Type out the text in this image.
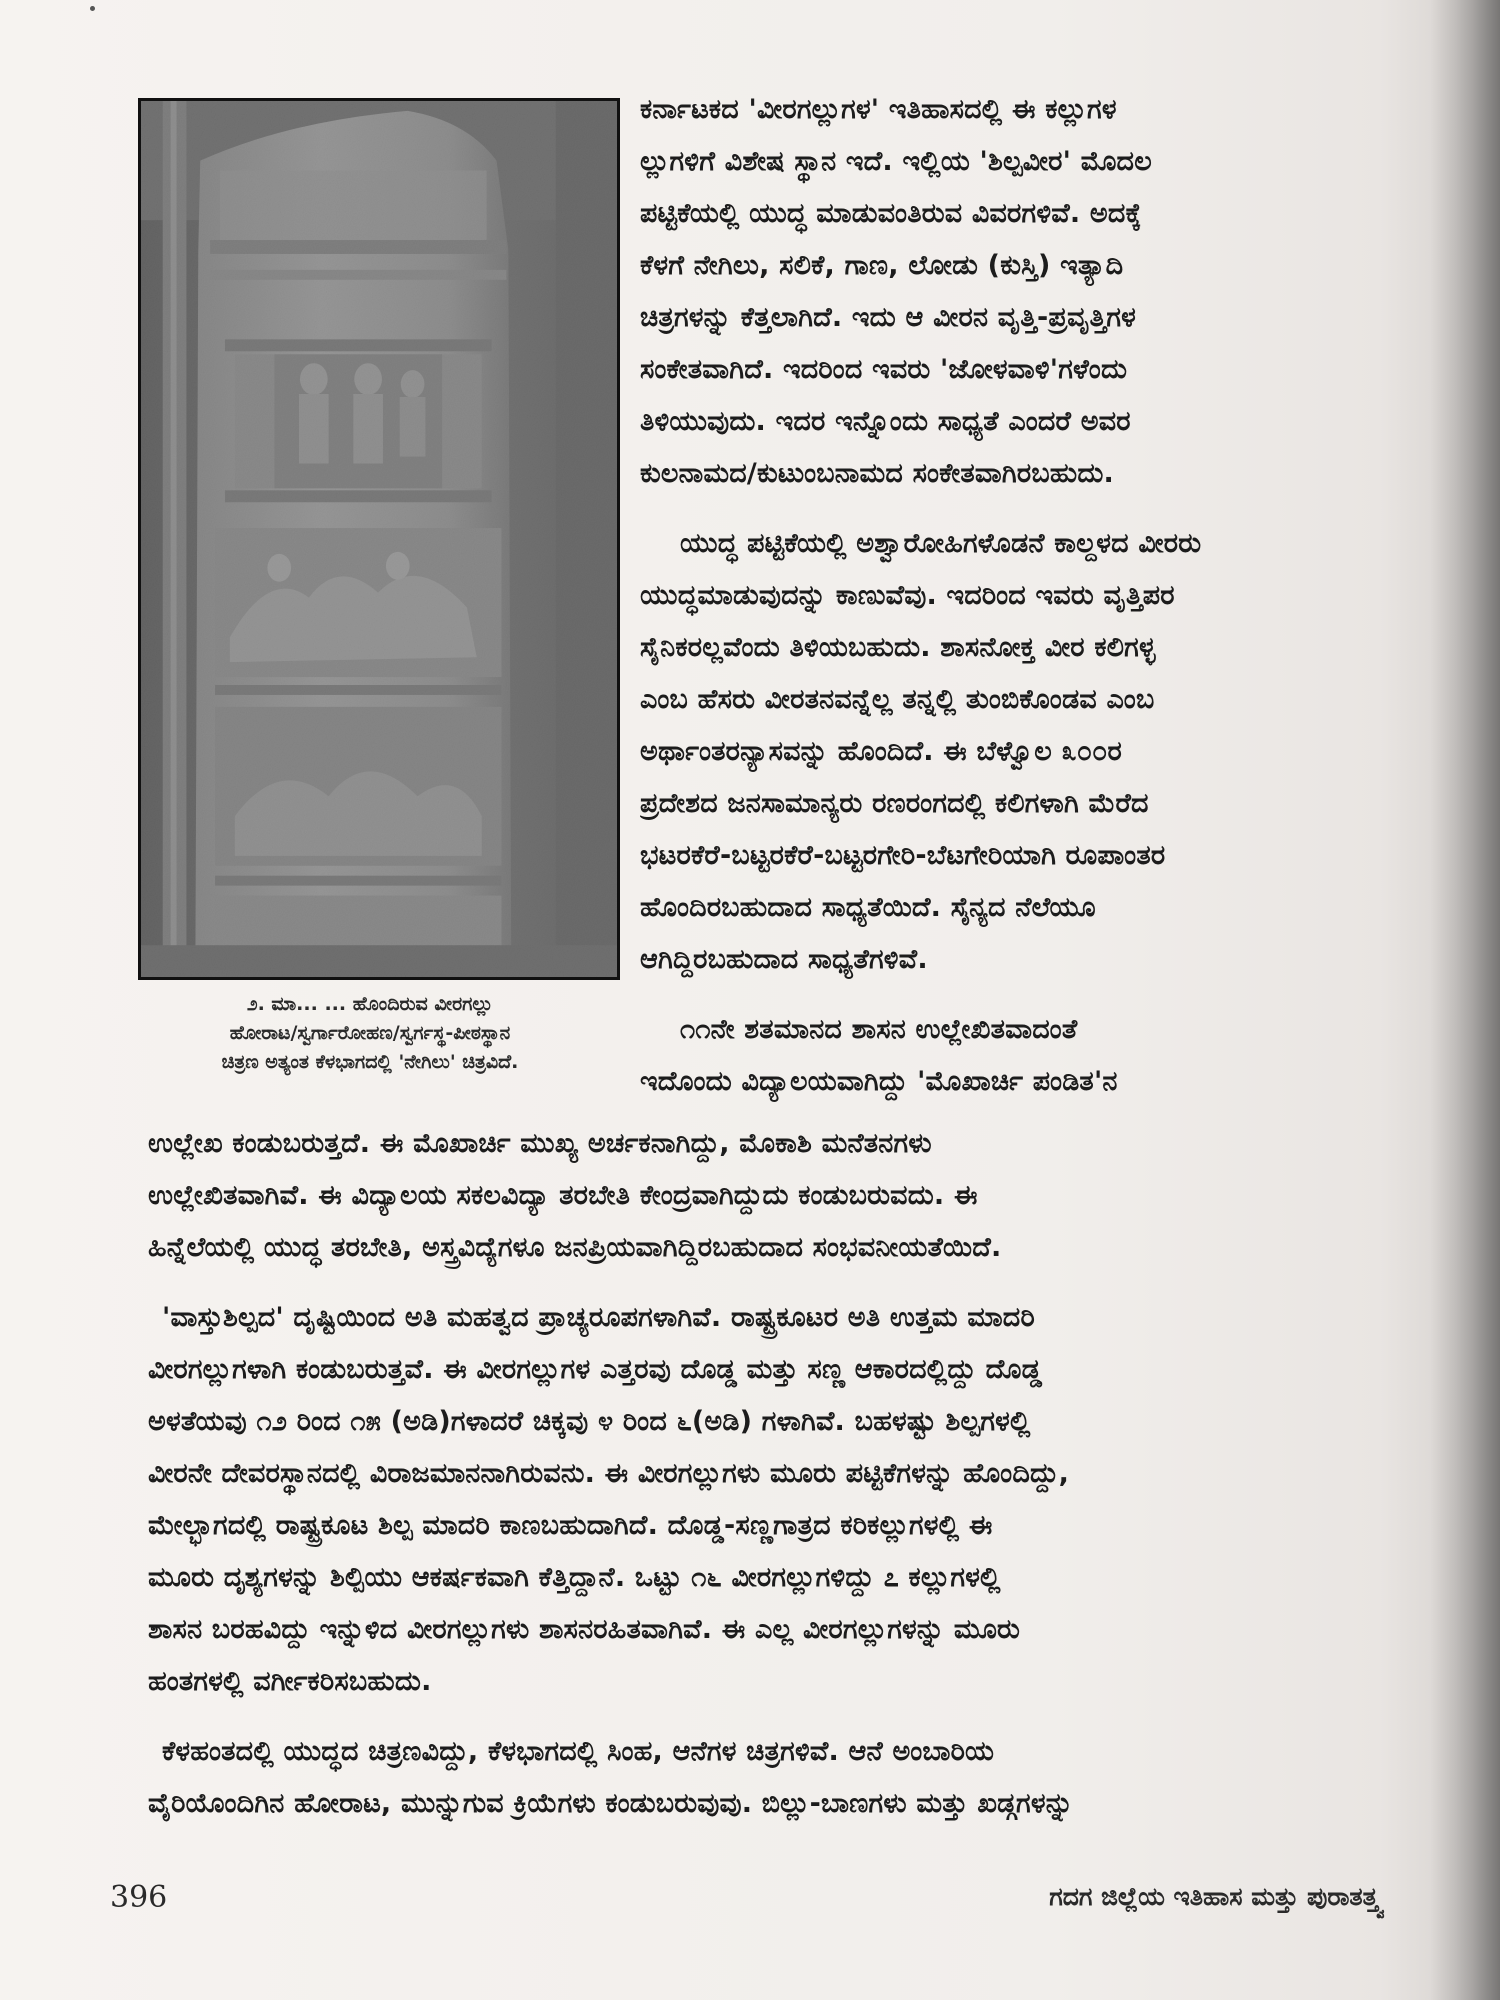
೨. ಮಾ... ... ಹೊಂದಿರುವ ವೀರಗಲ್ಲು

ಹೋರಾಟ/ಸ್ವರ್ಗಾರೋಹಣ/ಸ್ವರ್ಗಸ್ಥ-ಪೀಠಸ್ಥಾನ

ಚಿತ್ರಣ ಅತ್ಯಂತ ಕೆಳಭಾಗದಲ್ಲಿ 'ನೇಗಿಲು' ಚಿತ್ರವಿದೆ.

ಕರ್ನಾಟಕದ 'ವೀರಗಲ್ಲುಗಳ' ಇತಿಹಾಸದಲ್ಲಿ ಈ ಕಲ್ಲುಗಳ
ಲ್ಲುಗಳಿಗೆ ವಿಶೇಷ ಸ್ಥಾನ ಇದೆ. ಇಲ್ಲಿಯ 'ಶಿಲ್ಪವೀರ' ಮೊದಲ
ಪಟ್ಟಿಕೆಯಲ್ಲಿ ಯುದ್ಧ ಮಾಡುವಂತಿರುವ ವಿವರಗಳಿವೆ. ಅದಕ್ಕೆ
ಕೆಳಗೆ ನೇಗಿಲು, ಸಲಿಕೆ, ಗಾಣ, ಲೋಡು (ಕುಸ್ತಿ) ಇತ್ಯಾದಿ
ಚಿತ್ರಗಳನ್ನು ಕೆತ್ತಲಾಗಿದೆ. ಇದು ಆ ವೀರನ ವೃತ್ತಿ-ಪ್ರವೃತ್ತಿಗಳ
ಸಂಕೇತವಾಗಿದೆ. ಇದರಿಂದ ಇವರು 'ಜೋಳವಾಳಿ'ಗಳೆಂದು
ತಿಳಿಯುವುದು. ಇದರ ಇನ್ನೊಂದು ಸಾಧ್ಯತೆ ಎಂದರೆ ಅವರ
ಕುಲನಾಮದ/ಕುಟುಂಬನಾಮದ ಸಂಕೇತವಾಗಿರಬಹುದು.
ಯುದ್ಧ ಪಟ್ಟಿಕೆಯಲ್ಲಿ ಅಶ್ವಾರೋಹಿಗಳೊಡನೆ ಕಾಲ್ದಳದ ವೀರರು
ಯುದ್ಧಮಾಡುವುದನ್ನು ಕಾಣುವೆವು. ಇದರಿಂದ ಇವರು ವೃತ್ತಿಪರ
ಸೈನಿಕರಲ್ಲವೆಂದು ತಿಳಿಯಬಹುದು. ಶಾಸನೋಕ್ತ ವೀರ ಕಲಿಗಳ್ಳ
ಎಂಬ ಹೆಸರು ವೀರತನವನ್ನೆಲ್ಲ ತನ್ನಲ್ಲಿ ತುಂಬಿಕೊಂಡವ ಎಂಬ
ಅರ್ಥಾಂತರನ್ಯಾಸವನ್ನು ಹೊಂದಿದೆ. ಈ ಬೆಳ್ವೊಲ ೩೦೦ರ
ಪ್ರದೇಶದ ಜನಸಾಮಾನ್ಯರು ರಣರಂಗದಲ್ಲಿ ಕಲಿಗಳಾಗಿ ಮೆರೆದ
ಭಟರಕೆರೆ-ಬಟ್ಟರಕೆರೆ-ಬಟ್ಟರಗೇರಿ-ಬೆಟಗೇರಿಯಾಗಿ ರೂಪಾಂತರ
ಹೊಂದಿರಬಹುದಾದ ಸಾಧ್ಯತೆಯಿದೆ. ಸೈನ್ಯದ ನೆಲೆಯೂ
ಆಗಿದ್ದಿರಬಹುದಾದ ಸಾಧ್ಯತೆಗಳಿವೆ.
೧೧ನೇ ಶತಮಾನದ ಶಾಸನ ಉಲ್ಲೇಖಿತವಾದಂತೆ
ಇದೊಂದು ವಿದ್ಯಾಲಯವಾಗಿದ್ದು 'ಮೊಖಾರ್ಚಿ ಪಂಡಿತ'ನ
ಉಲ್ಲೇಖ ಕಂಡುಬರುತ್ತದೆ. ಈ ಮೊಖಾರ್ಚಿ ಮುಖ್ಯ ಅರ್ಚಕನಾಗಿದ್ದು, ಮೊಕಾಶಿ ಮನೆತನಗಳು
ಉಲ್ಲೇಖಿತವಾಗಿವೆ. ಈ ವಿದ್ಯಾಲಯ ಸಕಲವಿದ್ಯಾ ತರಬೇತಿ ಕೇಂದ್ರವಾಗಿದ್ದುದು ಕಂಡುಬರುವದು. ಈ
ಹಿನ್ನೆಲೆಯಲ್ಲಿ ಯುದ್ಧ ತರಬೇತಿ, ಅಸ್ತ್ರವಿದ್ಯೆಗಳೂ ಜನಪ್ರಿಯವಾಗಿದ್ದಿರಬಹುದಾದ ಸಂಭವನೀಯತೆಯಿದೆ.
'ವಾಸ್ತುಶಿಲ್ಪದ' ದೃಷ್ಟಿಯಿಂದ ಅತಿ ಮಹತ್ವದ ಪ್ರಾಚ್ಯರೂಪಗಳಾಗಿವೆ. ರಾಷ್ಟ್ರಕೂಟರ ಅತಿ ಉತ್ತಮ ಮಾದರಿ
ವೀರಗಲ್ಲುಗಳಾಗಿ ಕಂಡುಬರುತ್ತವೆ. ಈ ವೀರಗಲ್ಲುಗಳ ಎತ್ತರವು ದೊಡ್ಡ ಮತ್ತು ಸಣ್ಣ ಆಕಾರದಲ್ಲಿದ್ದು ದೊಡ್ಡ
ಅಳತೆಯವು ೧೨ ರಿಂದ ೧೫ (ಅಡಿ)ಗಳಾದರೆ ಚಿಕ್ಕವು ೪ ರಿಂದ ೬(ಅಡಿ) ಗಳಾಗಿವೆ. ಬಹಳಷ್ಟು ಶಿಲ್ಪಗಳಲ್ಲಿ
ವೀರನೇ ದೇವರಸ್ಥಾನದಲ್ಲಿ ವಿರಾಜಮಾನನಾಗಿರುವನು. ಈ ವೀರಗಲ್ಲುಗಳು ಮೂರು ಪಟ್ಟಿಕೆಗಳನ್ನು ಹೊಂದಿದ್ದು,
ಮೇಲ್ಭಾಗದಲ್ಲಿ ರಾಷ್ಟ್ರಕೂಟ ಶಿಲ್ಪ ಮಾದರಿ ಕಾಣಬಹುದಾಗಿದೆ. ದೊಡ್ಡ-ಸಣ್ಣಗಾತ್ರದ ಕರಿಕಲ್ಲುಗಳಲ್ಲಿ ಈ
ಮೂರು ದೃಶ್ಯಗಳನ್ನು ಶಿಲ್ಪಿಯು ಆಕರ್ಷಕವಾಗಿ ಕೆತ್ತಿದ್ದಾನೆ. ಒಟ್ಟು ೧೬ ವೀರಗಲ್ಲುಗಳಿದ್ದು ೭ ಕಲ್ಲುಗಳಲ್ಲಿ
ಶಾಸನ ಬರಹವಿದ್ದು ಇನ್ನುಳಿದ ವೀರಗಲ್ಲುಗಳು ಶಾಸನರಹಿತವಾಗಿವೆ. ಈ ಎಲ್ಲ ವೀರಗಲ್ಲುಗಳನ್ನು ಮೂರು
ಹಂತಗಳಲ್ಲಿ ವರ್ಗೀಕರಿಸಬಹುದು.
ಕೆಳಹಂತದಲ್ಲಿ ಯುದ್ಧದ ಚಿತ್ರಣವಿದ್ದು, ಕೆಳಭಾಗದಲ್ಲಿ ಸಿಂಹ, ಆನೆಗಳ ಚಿತ್ರಗಳಿವೆ. ಆನೆ ಅಂಬಾರಿಯ
ವೈರಿಯೊಂದಿಗಿನ ಹೋರಾಟ, ಮುನ್ನುಗುವ ಕ್ರಿಯೆಗಳು ಕಂಡುಬರುವುವು. ಬಿಲ್ಲು-ಬಾಣಗಳು ಮತ್ತು ಖಡ್ಗಗಳನ್ನು
396	ಗದಗ ಜಿಲ್ಲೆಯ ಇತಿಹಾಸ ಮತ್ತು ಪುರಾತತ್ತ್ವ
